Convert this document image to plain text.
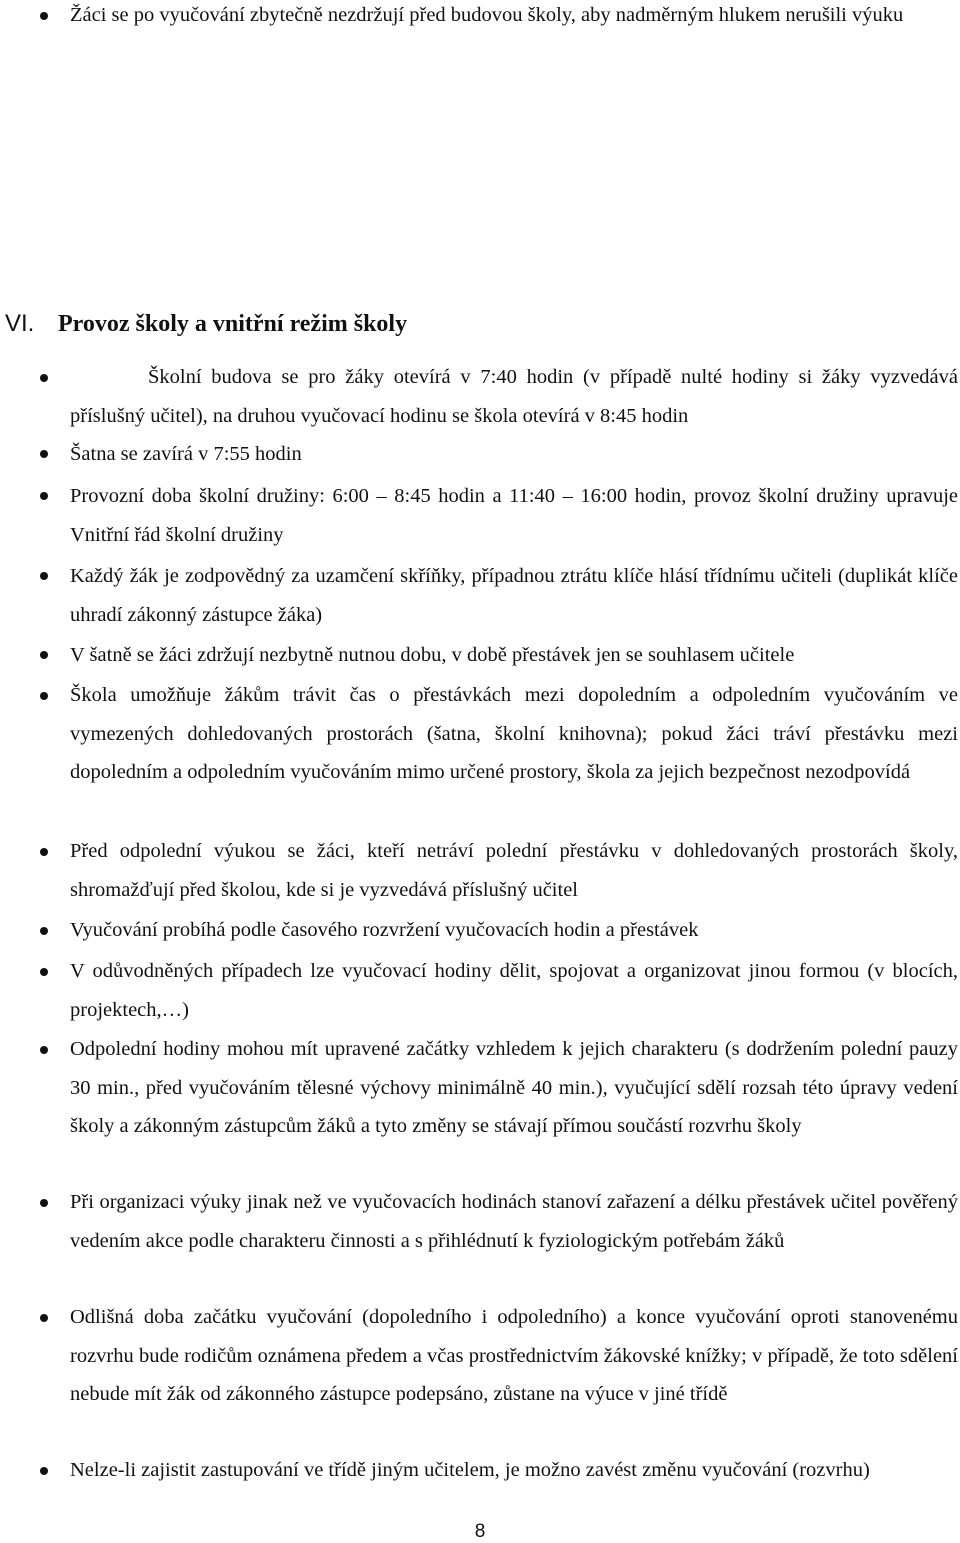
Žáci se po vyučování zbytečně nezdržují před budovou školy, aby nadměrným hlukem nerušili výuku

VI. Provoz školy a vnitřní režim školy

Školní budova se pro žáky otevírá v 7:40 hodin (v případě nulté hodiny si žáky vyzvedává příslušný učitel), na druhou vyučovací hodinu se škola otevírá v 8:45 hodin

Šatna se zavírá v 7:55 hodin

Provozní doba školní družiny: 6:00 – 8:45 hodin a 11:40 – 16:00 hodin, provoz školní družiny upravuje Vnitřní řád školní družiny

Každý žák je zodpovědný za uzamčení skříňky, případnou ztrátu klíče hlásí třídnímu učiteli (duplikát klíče uhradí zákonný zástupce žáka)

V šatně se žáci zdržují nezbytně nutnou dobu, v době přestávek jen se souhlasem učitele

Škola umožňuje žákům trávit čas o přestávkách mezi dopoledním a odpoledním vyučováním ve vymezených dohledovaných prostorách (šatna, školní knihovna); pokud žáci tráví přestávku mezi dopoledním a odpoledním vyučováním mimo určené prostory, škola za jejich bezpečnost nezodpovídá

Před odpolední výukou se žáci, kteří netráví polední přestávku v dohledovaných prostorách školy, shromažďují před školou, kde si je vyzvedává příslušný učitel

Vyučování probíhá podle časového rozvržení vyučovacích hodin a přestávek

V odůvodněných případech lze vyučovací hodiny dělit, spojovat a organizovat jinou formou (v blocích, projektech,…)

Odpolední hodiny mohou mít upravené začátky vzhledem k jejich charakteru (s dodržením polední pauzy 30 min., před vyučováním tělesné výchovy minimálně 40 min.), vyučující sdělí rozsah této úpravy vedení školy a zákonným zástupcům žáků a tyto změny se stávají přímou součástí rozvrhu školy

Při organizaci výuky jinak než ve vyučovacích hodinách stanoví zařazení a délku přestávek učitel pověřený vedením akce podle charakteru činnosti a s přihlédnutí k fyziologickým potřebám žáků

Odlišná doba začátku vyučování (dopoledního i odpoledního) a konce vyučování oproti stanovenému rozvrhu bude rodičům oznámena předem a včas prostřednictvím žákovské knížky; v případě, že toto sdělení nebude mít žák od zákonného zástupce podepsáno, zůstane na výuce v jiné třídě

Nelze-li zajistit zastupování ve třídě jiným učitelem, je možno zavést změnu vyučování (rozvrhu)

8
